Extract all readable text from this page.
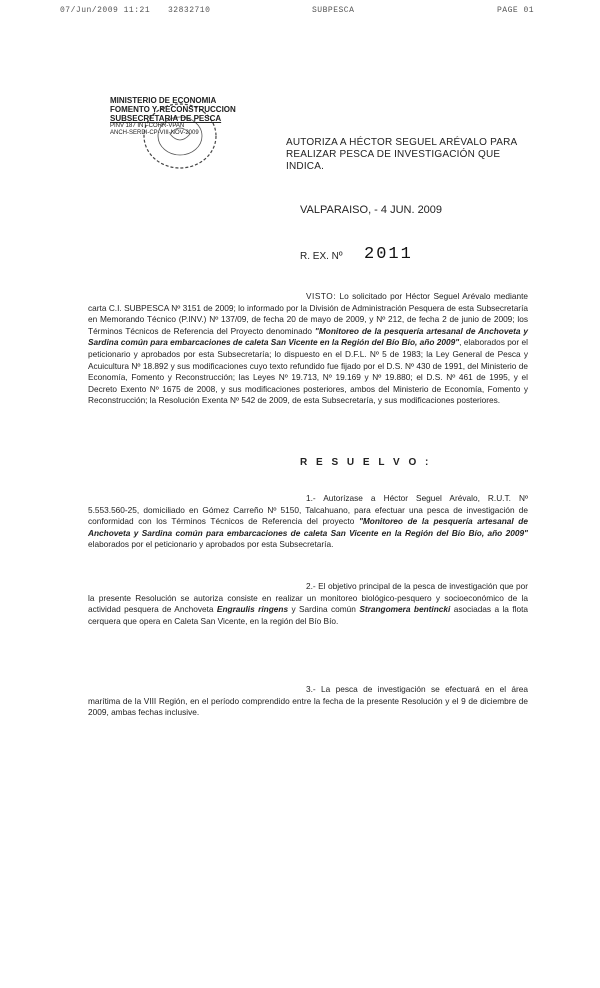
07/Jun/2009 11:21 32832710	SUBPESCA	PAGE 01
MINISTERIO DE ECONOMIA
FOMENTO Y RECONSTRUCCION
SUBSECRETARIA DE PESCA
PINV 187 INT-CORR-VPAN
ANCH-SERDI-CP-VIII-NOV-2009
AUTORIZA A HÉCTOR SEGUEL ARÉVALO PARA REALIZAR PESCA DE INVESTIGACIÓN QUE INDICA.
VALPARAISO, - 4 JUN. 2009
R. EX. Nº 2011
VISTO: Lo solicitado por Héctor Seguel Arévalo mediante carta C.I. SUBPESCA Nº 3151 de 2009; lo informado por la División de Administración Pesquera de esta Subsecretaría en Memorando Técnico (P.INV.) Nº 137/09, de fecha 20 de mayo de 2009, y Nº 212, de fecha 2 de junio de 2009; los Términos Técnicos de Referencia del Proyecto denominado "Monitoreo de la pesquería artesanal de Anchoveta y Sardina común para embarcaciones de caleta San Vicente en la Región del Bío Bío, año 2009", elaborados por el peticionario y aprobados por esta Subsecretaría; lo dispuesto en el D.F.L. Nº 5 de 1983; la Ley General de Pesca y Acuicultura Nº 18.892 y sus modificaciones cuyo texto refundido fue fijado por el D.S. Nº 430 de 1991, del Ministerio de Economía, Fomento y Reconstrucción; las Leyes Nº 19.713, Nº 19.169 y Nº 19.880; el D.S. Nº 461 de 1995, y el Decreto Exento Nº 1675 de 2008, y sus modificaciones posteriores, ambos del Ministerio de Economía, Fomento y Reconstrucción; la Resolución Exenta Nº 542 de 2009, de esta Subsecretaría, y sus modificaciones posteriores.
R E S U E L V O :
1.- Autorízase a Héctor Seguel Arévalo, R.U.T. Nº 5.553.560-25, domiciliado en Gómez Carreño Nº 5150, Talcahuano, para efectuar una pesca de investigación de conformidad con los Términos Técnicos de Referencia del proyecto "Monitoreo de la pesquería artesanal de Anchoveta y Sardina común para embarcaciones de caleta San Vicente en la Región del Bío Bío, año 2009" elaborados por el peticionario y aprobados por esta Subsecretaría.
2.- El objetivo principal de la pesca de investigación que por la presente Resolución se autoriza consiste en realizar un monitoreo biológico-pesquero y socioeconómico de la actividad pesquera de Anchoveta Engraulis ringens y Sardina común Strangomera bentincki asociadas a la flota cerquera que opera en Caleta San Vicente, en la región del Bío Bío.
3.- La pesca de investigación se efectuará en el área marítima de la VIII Región, en el período comprendido entre la fecha de la presente Resolución y el 9 de diciembre de 2009, ambas fechas inclusive.
